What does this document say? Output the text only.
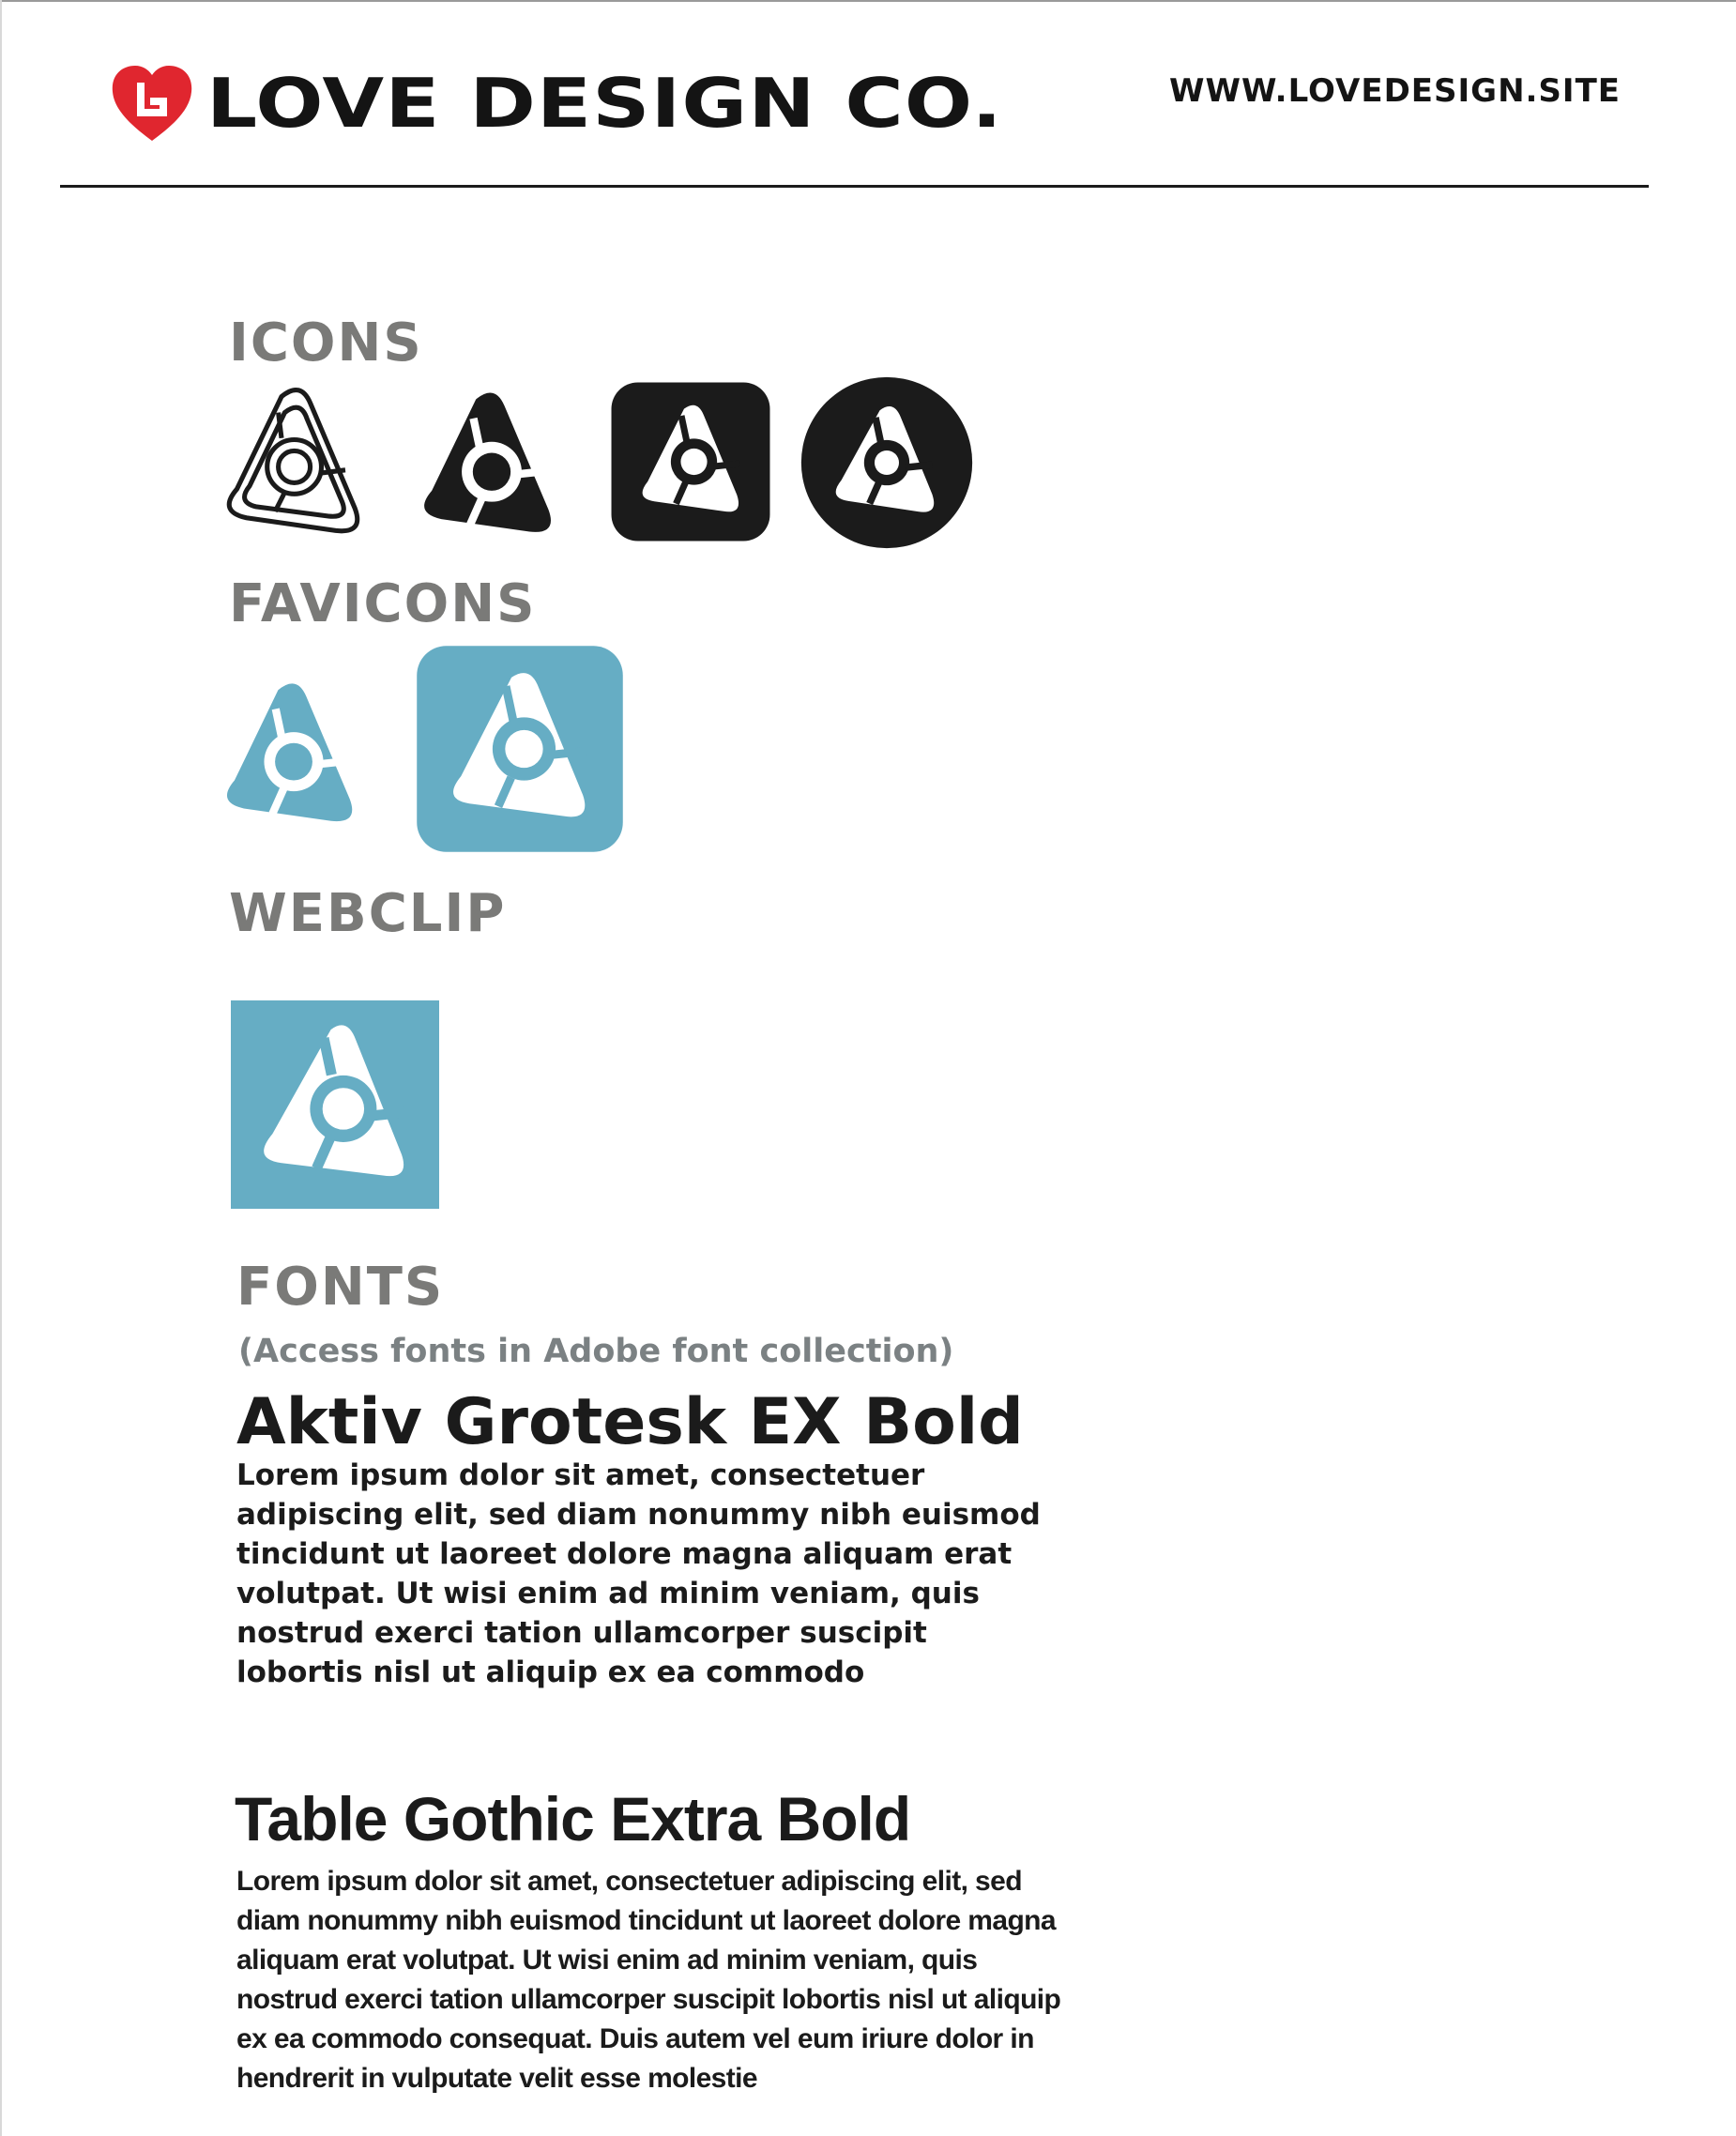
LOVE DESIGN CO.	WWW.LOVEDESIGN.SITE
ICONS
FAVICONS
WEBCLIP
FONTS
(Access fonts in Adobe font collection)
Aktiv Grotesk EX Bold
Lorem ipsum dolor sit amet, consectetuer adipiscing elit, sed diam nonummy nibh euismod tincidunt ut laoreet dolore magna aliquam erat volutpat. Ut wisi enim ad minim veniam, quis nostrud exerci tation ullamcorper suscipit lobortis nisl ut aliquip ex ea commodo
Table Gothic Extra Bold
Lorem ipsum dolor sit amet, consectetuer adipiscing elit, sed diam nonummy nibh euismod tincidunt ut laoreet dolore magna aliquam erat volutpat. Ut wisi enim ad minim veniam, quis nostrud exerci tation ullamcorper suscipit lobortis nisl ut aliquip ex ea commodo consequat. Duis autem vel eum iriure dolor in hendrerit in vulputate velit esse molestie
